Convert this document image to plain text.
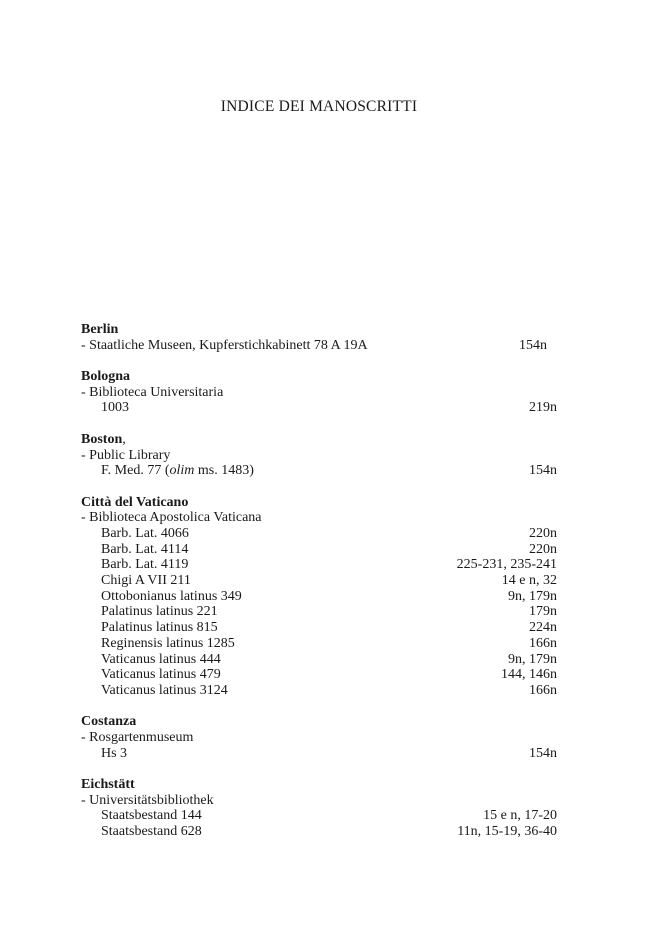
INDICE DEI MANOSCRITTI
Berlin
- Staatliche Museen, Kupferstichkabinett 78 A 19A	154n
Bologna
- Biblioteca Universitaria
1003	219n
Boston,
- Public Library
F. Med. 77 (olim ms. 1483)	154n
Città del Vaticano
- Biblioteca Apostolica Vaticana
Barb. Lat. 4066	220n
Barb. Lat. 4114	220n
Barb. Lat. 4119	225-231, 235-241
Chigi A VII 211	14 e n, 32
Ottobonianus latinus 349	9n, 179n
Palatinus latinus 221	179n
Palatinus latinus 815	224n
Reginensis latinus 1285	166n
Vaticanus latinus 444	9n, 179n
Vaticanus latinus 479	144, 146n
Vaticanus latinus 3124	166n
Costanza
- Rosgartenmuseum
Hs 3	154n
Eichstätt
- Universitätsbibliothek
Staatsbestand 144	15 e n, 17-20
Staatsbestand 628	11n, 15-19, 36-40
